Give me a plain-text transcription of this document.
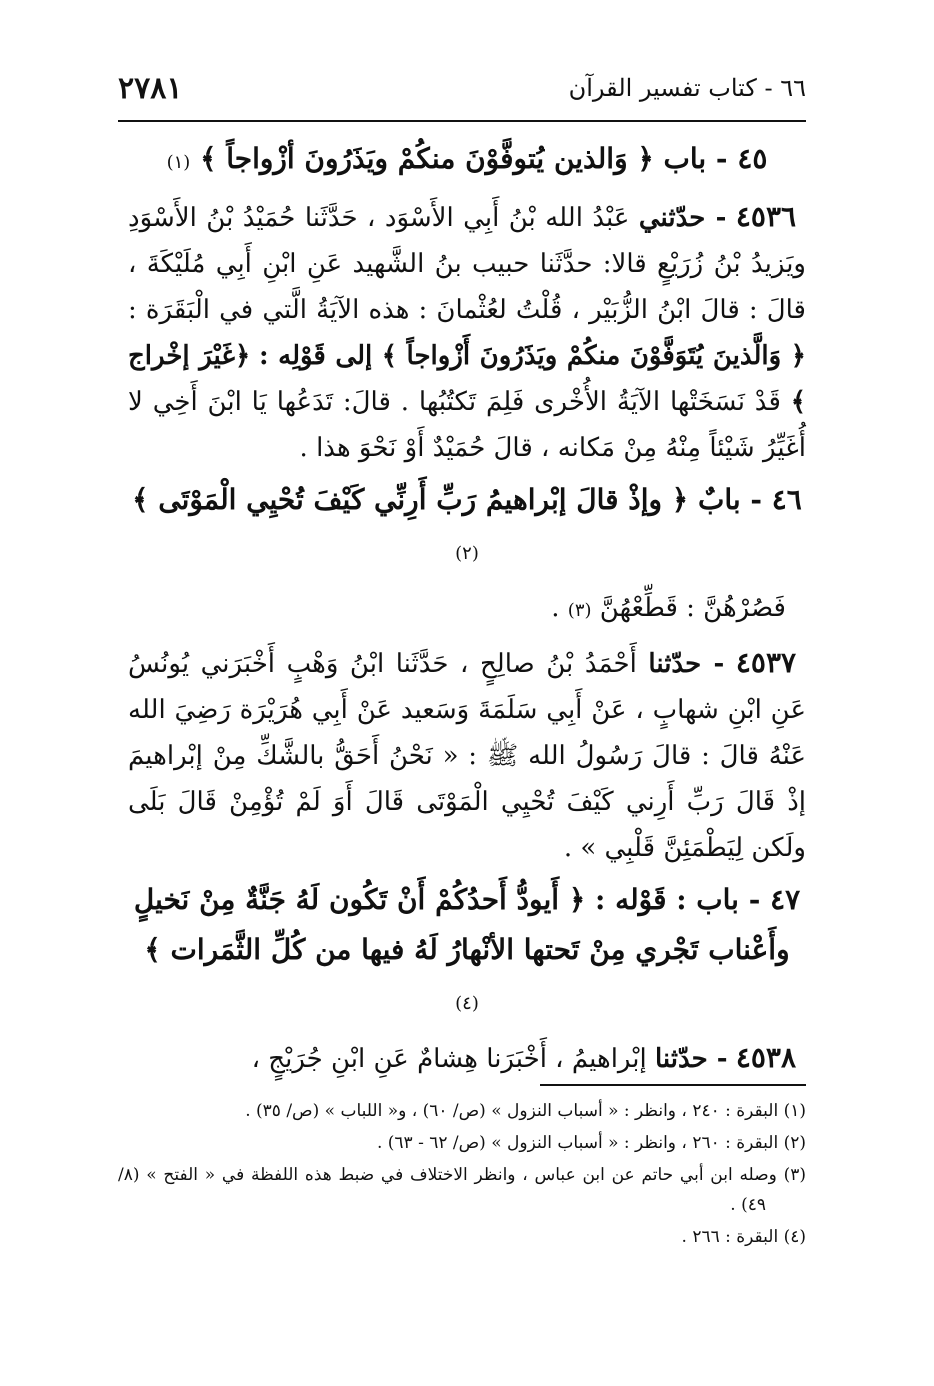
٢٧٨١	٦٦ - كتاب تفسير القرآن
٤٥ - باب ﴿ وَالذين يُتوفَّوْنَ منكُمْ ويَذَرُونَ أزْواجاً ﴾ (١)

٤٥٣٦ - حدّثني عَبْدُ الله بْنُ أَبِي الأَسْوَد ، حَدَّثَنا حُمَيْدُ بْنُ الأَسْوَدِ ويَزيدُ بْنُ زُرَيْعٍ قالا: حدَّثَنا حبيب بنُ الشَّهيد عَنِ ابْنِ أَبِي مُلَيْكَةَ ، قالَ : قالَ ابْنُ الزُّبَيْر ، قُلْتُ لعُثْمانَ : هذه الآيَةُ الَّتي في الْبَقَرَة : ﴿ وَالَّذينَ يُتَوَفَّوْنَ منكُمْ ويَذَرُونَ أَزْواجاً ﴾ إلى قَوْلِه : ﴿غَيْرَ إخْراج ﴾ قَدْ نَسَخَتْها الآيَةُ الأُخْرى فَلِمَ تَكتُبُها . قالَ: تَدَعُها يَا ابْنَ أَخِي لا أُغَيِّرُ شَيْئاً مِنْهُ مِنْ مَكانه ، قالَ حُمَيْدٌ أَوْ نَحْوَ هذا .

٤٦ - بابٌ ﴿ وإذْ قالَ إبْراهيمُ رَبِّ أَرِنِّي كَيْفَ تُحْيِي الْمَوْتَى ﴾ (٢)

فَصُرْهُنَّ : قَطِّعْهُنَّ (٣) .

٤٥٣٧ - حدّثنا أَحْمَدُ بْنُ صالِحٍ ، حَدَّثَنا ابْنُ وَهْبٍ أَخْبَرَني يُونُسُ عَنِ ابْنِ شهابٍ ، عَنْ أَبِي سَلَمَةَ وَسَعيد عَنْ أَبِي هُرَيْرَة رَضِيَ الله عَنْهُ قالَ : قالَ رَسُولُ الله ﷺ : « نَحْنُ أَحَقُّ بالشَّكِّ مِنْ إبْراهيمَ إذْ قَالَ رَبِّ أَرِني كَيْفَ تُحْيِي الْمَوْتَى قَالَ أَوَ لَمْ تُؤْمِنْ قَالَ بَلَى ولَكن لِيَطْمَئِنَّ قَلْبِي » .

٤٧ - باب : قَوْله : ﴿ أَيودُّ أَحدُكُمْ أَنْ تَكُون لَهُ جَنَّةٌ مِنْ نَخيلٍ وأَعْناب تَجْري مِنْ تَحتها الأنْهارُ لَهُ فيها من كُلِّ الثَّمَرات ﴾ (٤)

٤٥٣٨ - حدّثنا إبْراهيمُ ، أَخْبَرَنا هِشامٌ عَنِ ابْنِ جُرَيْجٍ ،

(١) البقرة : ٢٤٠ ، وانظر : « أسباب النزول » (ص/ ٦٠) ، و« اللباب » (ص/ ٣٥) .

(٢) البقرة : ٢٦٠ ، وانظر : « أسباب النزول » (ص/ ٦٢ - ٦٣) .

(٣) وصله ابن أبي حاتم عن ابن عباس ، وانظر الاختلاف في ضبط هذه اللفظة في « الفتح » (٨/ ٤٩) .

(٤) البقرة : ٢٦٦ .
